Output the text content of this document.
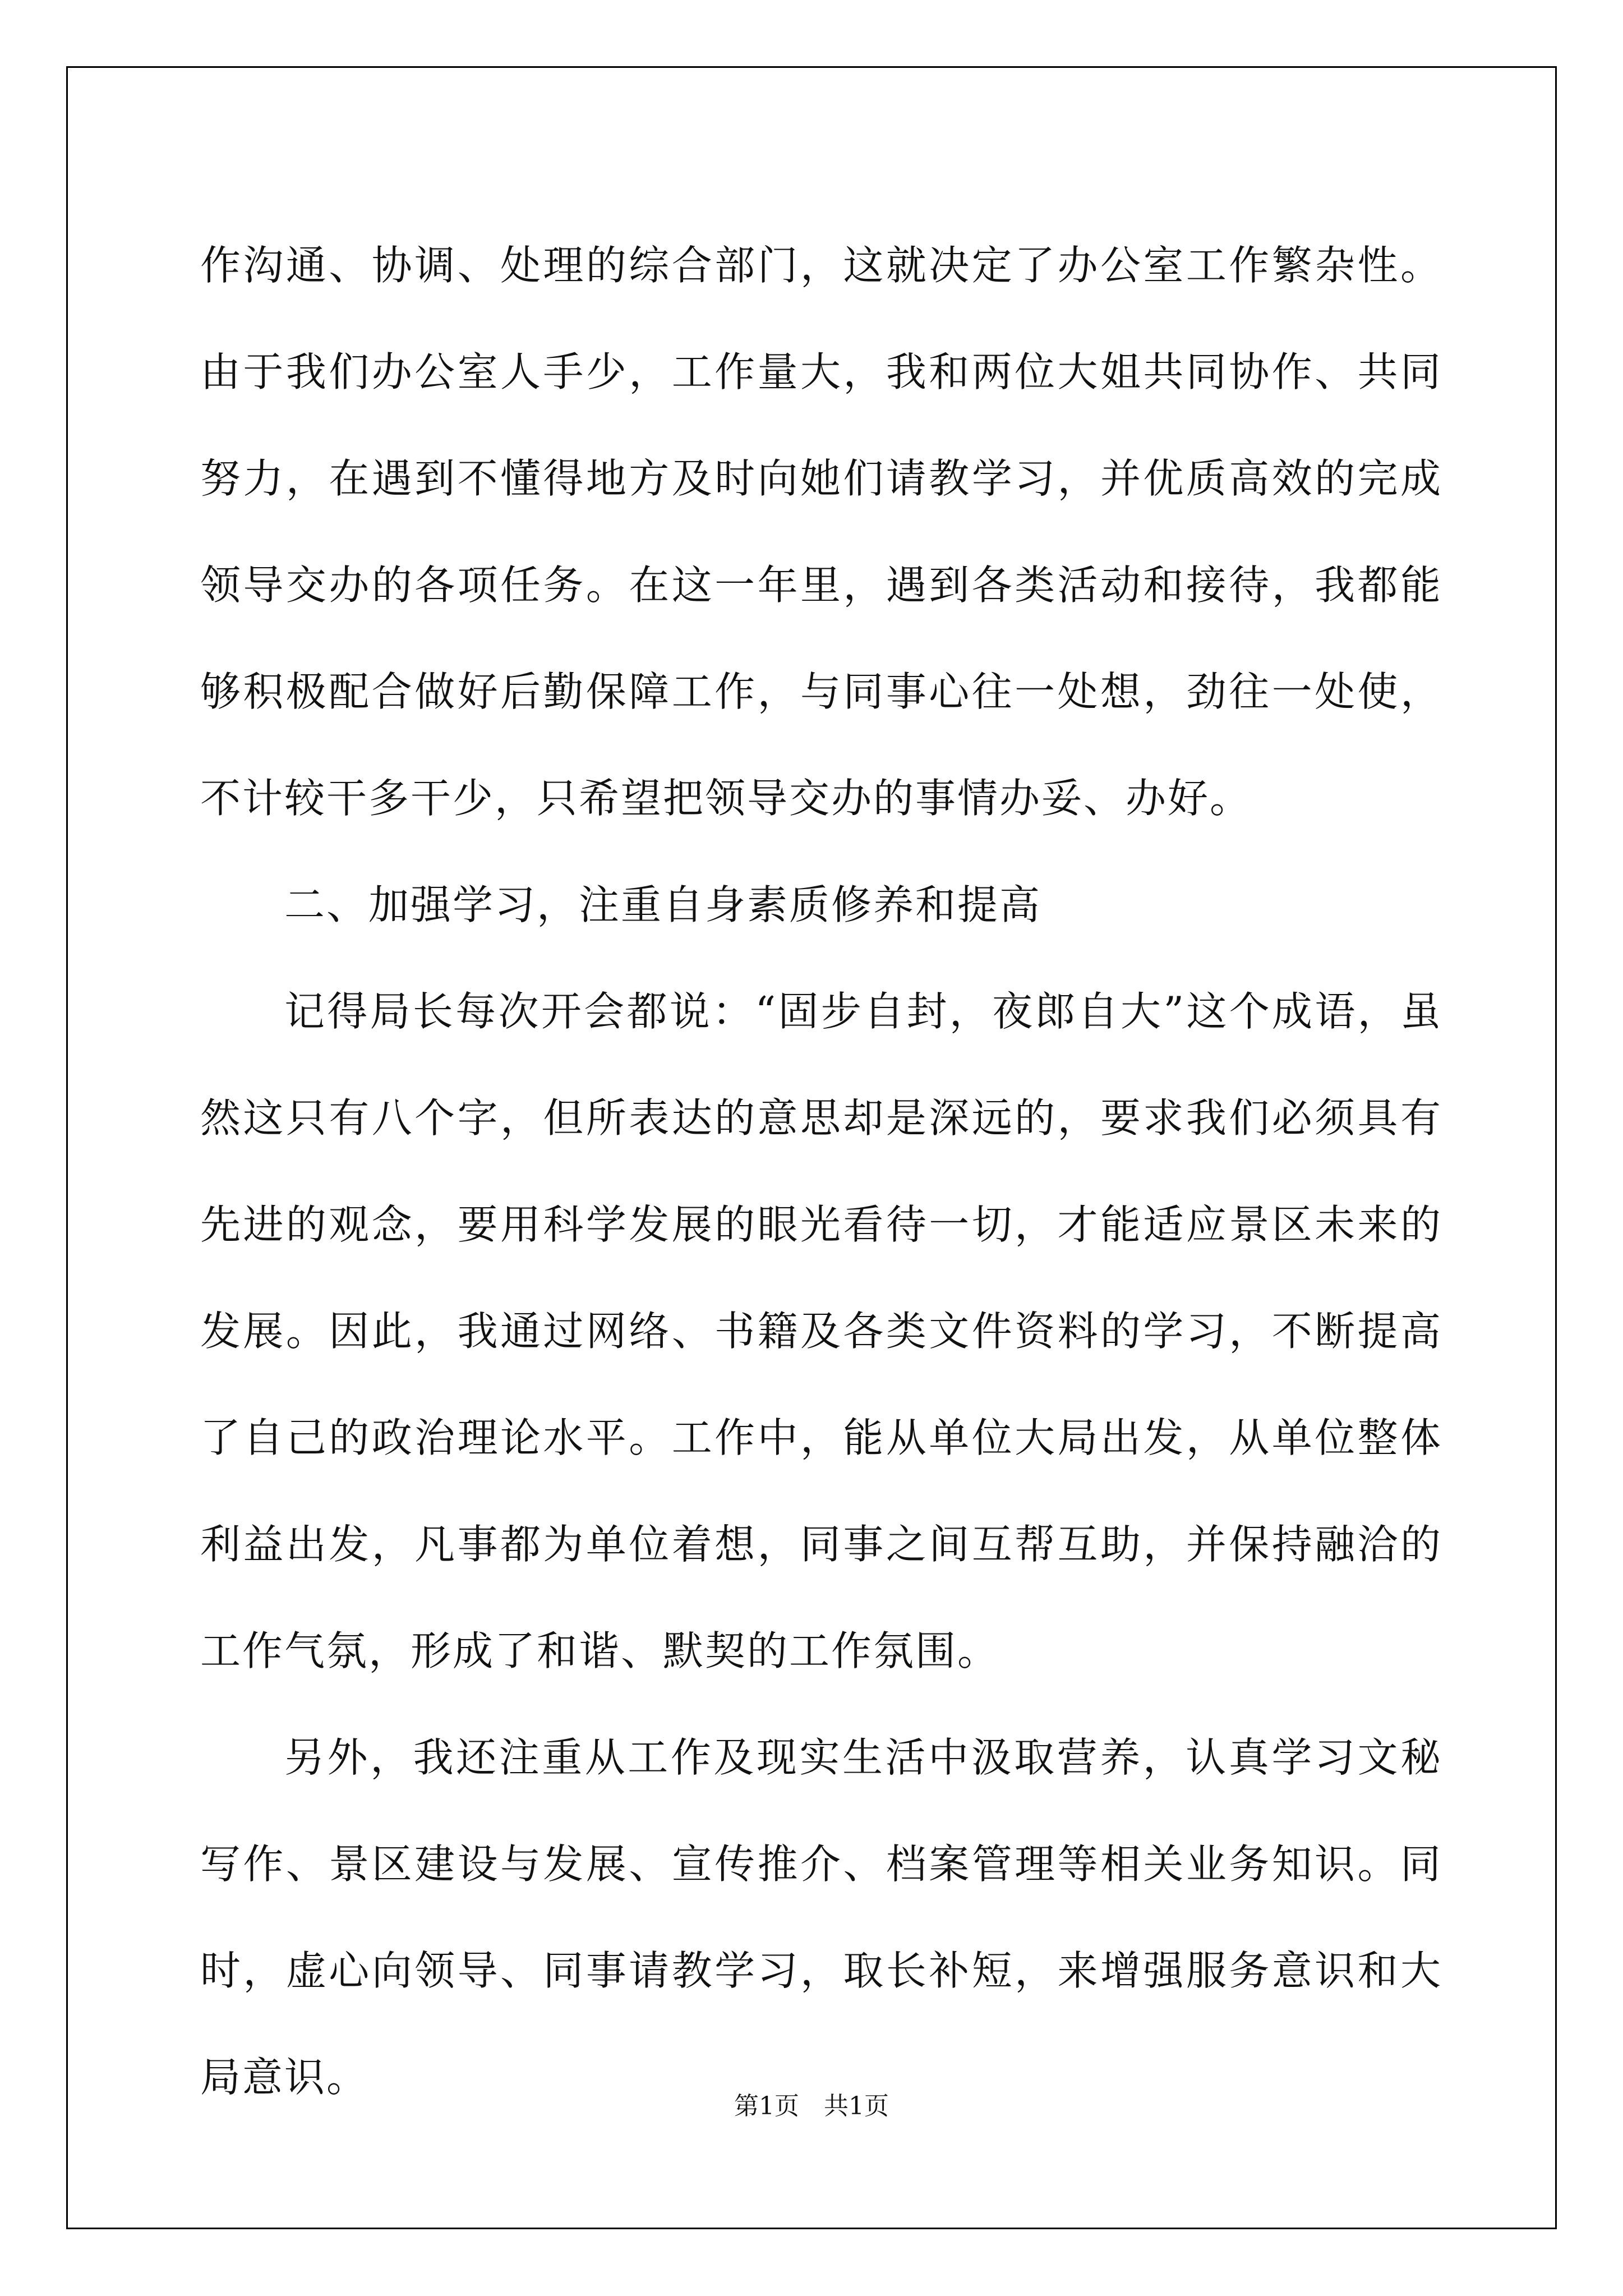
作沟通、协调、处理的综合部门，这就决定了办公室工作繁杂性。由于我们办公室人手少，工作量大，我和两位大姐共同协作、共同努力，在遇到不懂得地方及时向她们请教学习，并优质高效的完成领导交办的各项任务。在这一年里，遇到各类活动和接待，我都能够积极配合做好后勤保障工作，与同事心往一处想，劲往一处使，不计较干多干少，只希望把领导交办的事情办妥、办好。

二、加强学习，注重自身素质修养和提高

记得局长每次开会都说：“固步自封，夜郎自大”这个成语，虽然这只有八个字，但所表达的意思却是深远的，要求我们必须具有先进的观念，要用科学发展的眼光看待一切，才能适应景区未来的发展。因此，我通过网络、书籍及各类文件资料的学习，不断提高了自己的政治理论水平。工作中，能从单位大局出发，从单位整体利益出发，凡事都为单位着想，同事之间互帮互助，并保持融洽的工作气氛，形成了和谐、默契的工作氛围。

另外，我还注重从工作及现实生活中汲取营养，认真学习文秘写作、景区建设与发展、宣传推介、档案管理等相关业务知识。同时，虚心向领导、同事请教学习，取长补短，来增强服务意识和大局意识。

第1页　共1页
